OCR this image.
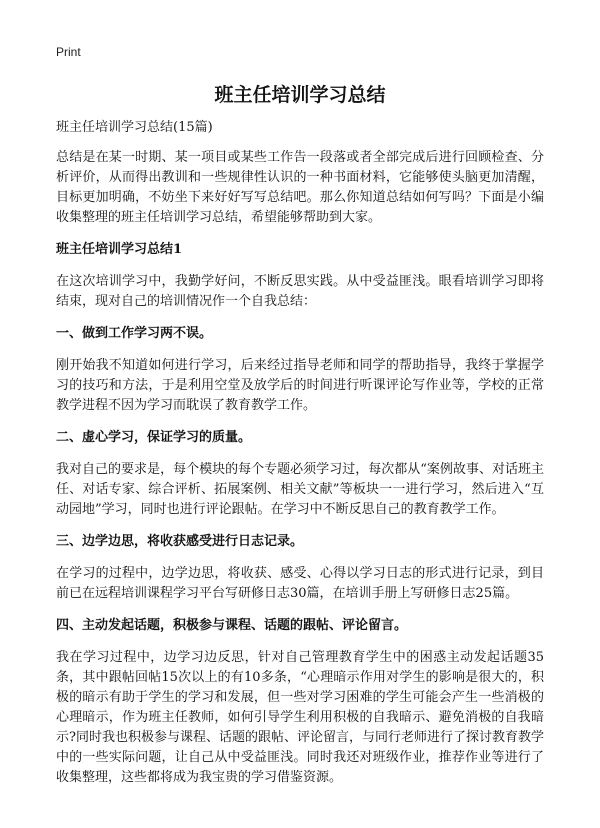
Print
班主任培训学习总结

班主任培训学习总结(15篇)

总结是在某一时期、某一项目或某些工作告一段落或者全部完成后进行回顾检查、分析评价，从而得出教训和一些规律性认识的一种书面材料，它能够使头脑更加清醒，目标更加明确，不妨坐下来好好写写总结吧。那么你知道总结如何写吗？下面是小编收集整理的班主任培训学习总结，希望能够帮助到大家。

班主任培训学习总结1

在这次培训学习中，我勤学好问，不断反思实践。从中受益匪浅。眼看培训学习即将结束，现对自己的培训情况作一个自我总结：

一、做到工作学习两不误。

刚开始我不知道如何进行学习，后来经过指导老师和同学的帮助指导，我终于掌握学习的技巧和方法，于是利用空堂及放学后的时间进行听课评论写作业等，学校的正常教学进程不因为学习而耽误了教育教学工作。

二、虚心学习，保证学习的质量。

我对自己的要求是，每个模块的每个专题必须学习过，每次都从“案例故事、对话班主任、对话专家、综合评析、拓展案例、相关文献”等板块一一进行学习，然后进入“互动园地”学习，同时也进行评论跟帖。在学习中不断反思自己的教育教学工作。

三、边学边思，将收获感受进行日志记录。

在学习的过程中，边学边思，将收获、感受、心得以学习日志的形式进行记录，到目前已在远程培训课程学习平台写研修日志30篇，在培训手册上写研修日志25篇。

四、主动发起话题，积极参与课程、话题的跟帖、评论留言。

我在学习过程中，边学习边反思，针对自己管理教育学生中的困惑主动发起话题35条，其中跟帖回帖15次以上的有10多条，“心理暗示作用对学生的影响是很大的，积极的暗示有助于学生的学习和发展，但一些对学习困难的学生可能会产生一些消极的心理暗示，作为班主任教师，如何引导学生利用积极的自我暗示、避免消极的自我暗示?同时我也积极参与课程、话题的跟帖、评论留言，与同行老师进行了探讨教育教学中的一些实际问题，让自己从中受益匪浅。同时我还对班级作业，推荐作业等进行了收集整理，这些都将成为我宝贵的学习借鉴资源。
